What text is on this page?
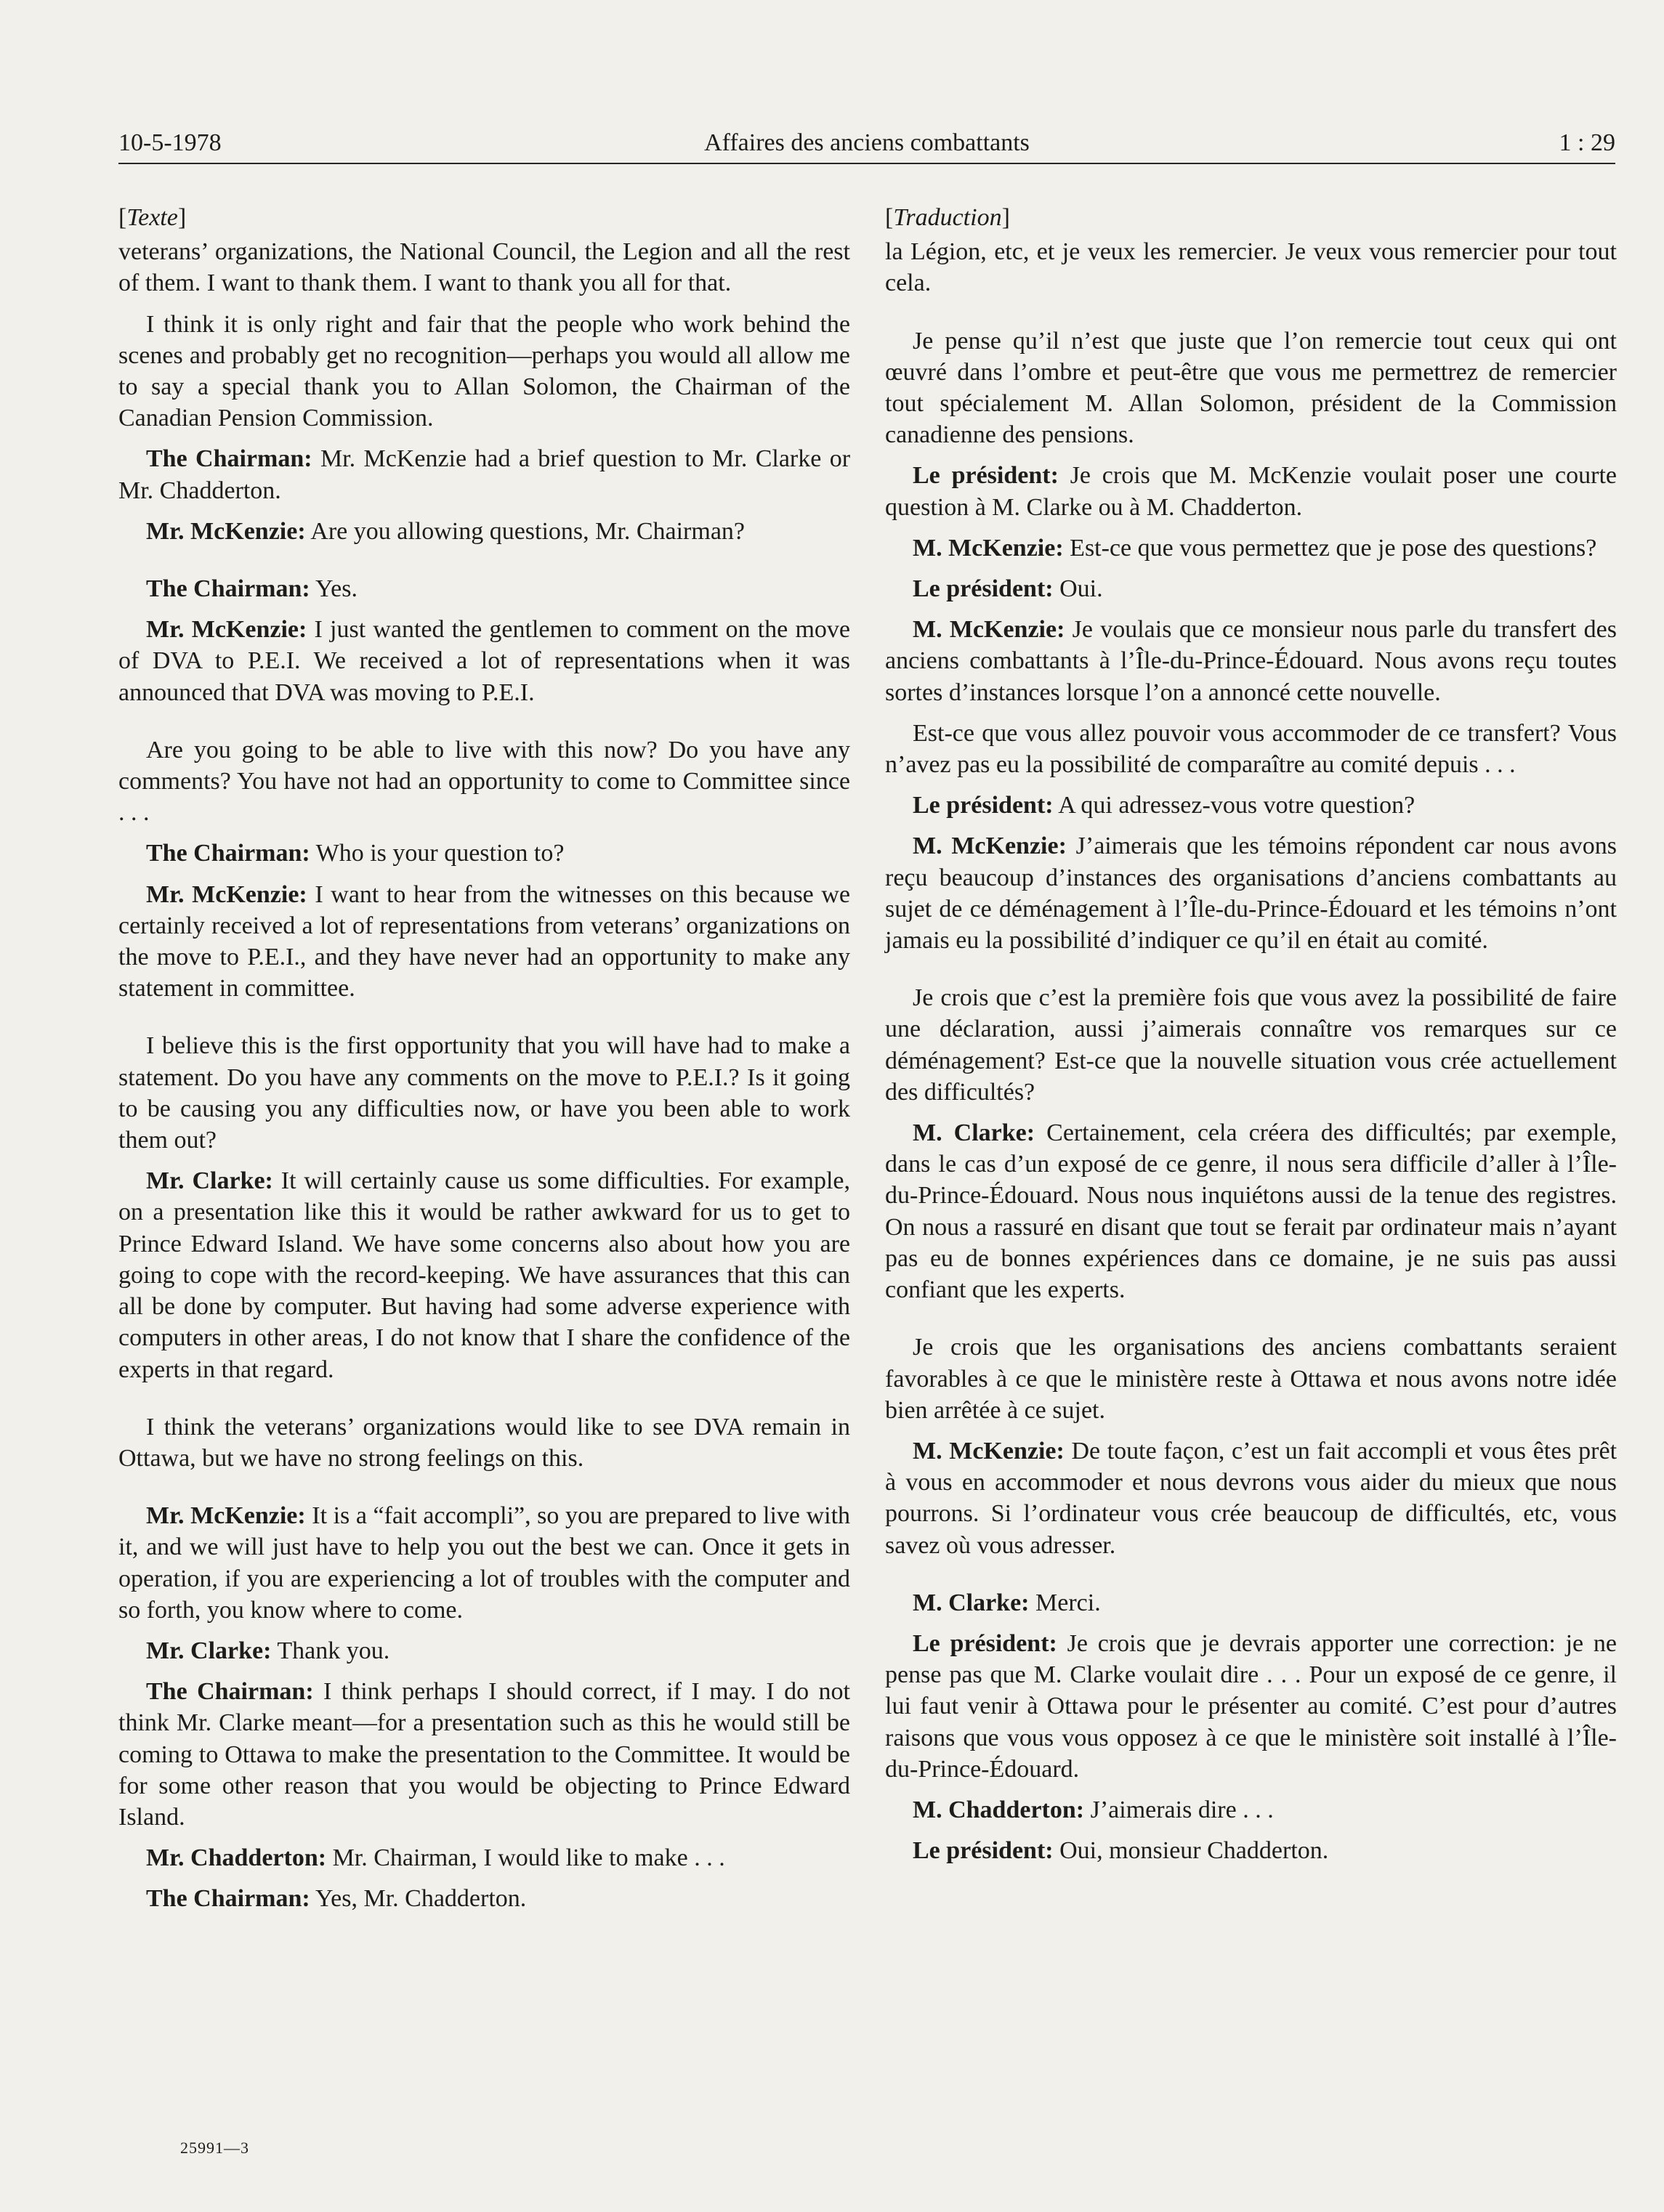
10-5-1978	Affaires des anciens combattants	1 : 29
[Texte]

veterans’ organizations, the National Council, the Legion and all the rest of them. I want to thank them. I want to thank you all for that.

I think it is only right and fair that the people who work behind the scenes and probably get no recognition—perhaps you would all allow me to say a special thank you to Allan Solomon, the Chairman of the Canadian Pension Commission.

The Chairman: Mr. McKenzie had a brief question to Mr. Clarke or Mr. Chadderton.

Mr. McKenzie: Are you allowing questions, Mr. Chairman?

The Chairman: Yes.

Mr. McKenzie: I just wanted the gentlemen to comment on the move of DVA to P.E.I. We received a lot of representations when it was announced that DVA was moving to P.E.I.

Are you going to be able to live with this now? Do you have any comments? You have not had an opportunity to come to Committee since . . .

The Chairman: Who is your question to?

Mr. McKenzie: I want to hear from the witnesses on this because we certainly received a lot of representations from veterans’ organizations on the move to P.E.I., and they have never had an opportunity to make any statement in committee.

I believe this is the first opportunity that you will have had to make a statement. Do you have any comments on the move to P.E.I.? Is it going to be causing you any difficulties now, or have you been able to work them out?

Mr. Clarke: It will certainly cause us some difficulties. For example, on a presentation like this it would be rather awkward for us to get to Prince Edward Island. We have some concerns also about how you are going to cope with the record-keeping. We have assurances that this can all be done by computer. But having had some adverse experience with computers in other areas, I do not know that I share the confidence of the experts in that regard.

I think the veterans’ organizations would like to see DVA remain in Ottawa, but we have no strong feelings on this.

Mr. McKenzie: It is a “fait accompli”, so you are prepared to live with it, and we will just have to help you out the best we can. Once it gets in operation, if you are experiencing a lot of troubles with the computer and so forth, you know where to come.

Mr. Clarke: Thank you.

The Chairman: I think perhaps I should correct, if I may. I do not think Mr. Clarke meant—for a presentation such as this he would still be coming to Ottawa to make the presentation to the Committee. It would be for some other reason that you would be objecting to Prince Edward Island.

Mr. Chadderton: Mr. Chairman, I would like to make . . .

The Chairman: Yes, Mr. Chadderton.

[Traduction]

la Légion, etc, et je veux les remercier. Je veux vous remercier pour tout cela.

Je pense qu’il n’est que juste que l’on remercie tout ceux qui ont œuvré dans l’ombre et peut-être que vous me permettrez de remercier tout spécialement M. Allan Solomon, président de la Commission canadienne des pensions.

Le président: Je crois que M. McKenzie voulait poser une courte question à M. Clarke ou à M. Chadderton.

M. McKenzie: Est-ce que vous permettez que je pose des questions?

Le président: Oui.

M. McKenzie: Je voulais que ce monsieur nous parle du transfert des anciens combattants à l’Île-du-Prince-Édouard. Nous avons reçu toutes sortes d’instances lorsque l’on a annoncé cette nouvelle.

Est-ce que vous allez pouvoir vous accommoder de ce transfert? Vous n’avez pas eu la possibilité de comparaître au comité depuis . . .

Le président: A qui adressez-vous votre question?

M. McKenzie: J’aimerais que les témoins répondent car nous avons reçu beaucoup d’instances des organisations d’anciens combattants au sujet de ce déménagement à l’Île-du-Prince-Édouard et les témoins n’ont jamais eu la possibilité d’indiquer ce qu’il en était au comité.

Je crois que c’est la première fois que vous avez la possibilité de faire une déclaration, aussi j’aimerais connaître vos remarques sur ce déménagement? Est-ce que la nouvelle situation vous crée actuellement des difficultés?

M. Clarke: Certainement, cela créera des difficultés; par exemple, dans le cas d’un exposé de ce genre, il nous sera difficile d’aller à l’Île-du-Prince-Édouard. Nous nous inquiétons aussi de la tenue des registres. On nous a rassuré en disant que tout se ferait par ordinateur mais n’ayant pas eu de bonnes expériences dans ce domaine, je ne suis pas aussi confiant que les experts.

Je crois que les organisations des anciens combattants seraient favorables à ce que le ministère reste à Ottawa et nous avons notre idée bien arrêtée à ce sujet.

M. McKenzie: De toute façon, c’est un fait accompli et vous êtes prêt à vous en accommoder et nous devrons vous aider du mieux que nous pourrons. Si l’ordinateur vous crée beaucoup de difficultés, etc, vous savez où vous adresser.

M. Clarke: Merci.

Le président: Je crois que je devrais apporter une correction: je ne pense pas que M. Clarke voulait dire . . . Pour un exposé de ce genre, il lui faut venir à Ottawa pour le présenter au comité. C’est pour d’autres raisons que vous vous opposez à ce que le ministère soit installé à l’Île-du-Prince-Édouard.

M. Chadderton: J’aimerais dire . . .

Le président: Oui, monsieur Chadderton.

25991—3
